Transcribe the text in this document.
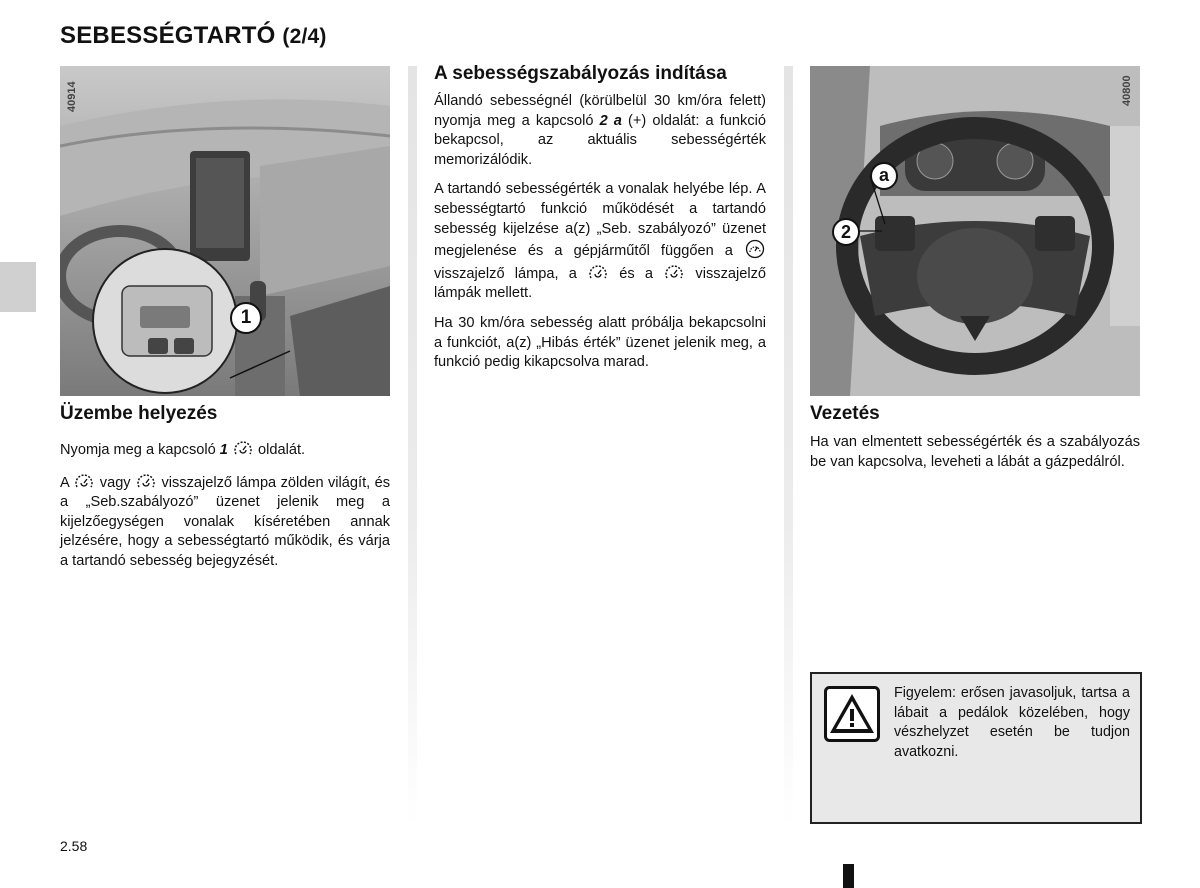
SEBESSÉGTARTÓ (2/4)
40914
1
Üzembe helyezés

Nyomja meg a kapcsoló 1  oldalát.

A  vagy  visszajelző lámpa zölden világít, és a „Seb.szabályozó” üzenet jelenik meg a kijelzőegységen vonalak kíséretében annak jelzésére, hogy a sebességtartó működik, és várja a tartandó sebesség bejegyzését.

A sebességszabályozás indítása

Állandó sebességnél (körülbelül 30 km/óra felett) nyomja meg a kapcsoló 2 a (+) oldalát: a funkció bekapcsol, az aktuális sebességérték memorizálódik.

A tartandó sebességérték a vonalak helyébe lép. A sebességtartó funkció működését a tartandó sebesség kijelzése a(z) „Seb. szabályozó” üzenet megjelenése és a gépjárműtől függően a  visszajelző lámpa, a  és a  visszajelző lámpák mellett.

Ha 30 km/óra sebesség alatt próbálja bekapcsolni a funkciót, a(z) „Hibás érték” üzenet jelenik meg, a funkció pedig kikapcsolva marad.

40800
a
2
Vezetés

Ha van elmentett sebességérték és a szabályozás be van kapcsolva, leveheti a lábát a gázpedálról.

Figyelem: erősen javasoljuk, tartsa a lábait a pedálok közelében, hogy vészhelyzet esetén be tudjon avatkozni.
2.58
